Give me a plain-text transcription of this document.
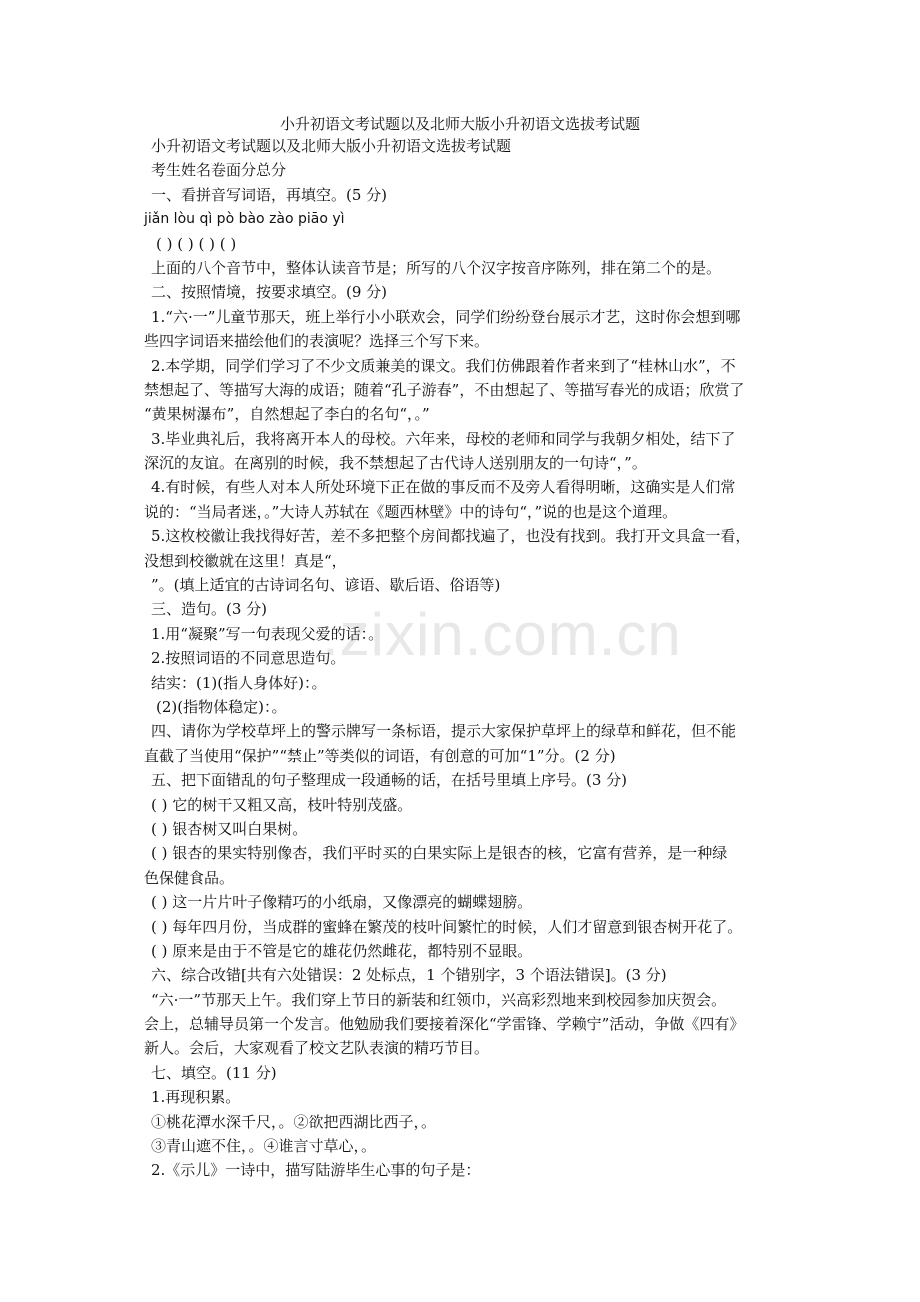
小升初语文考试题以及北师大版小升初语文选拔考试题
小升初语文考试题以及北师大版小升初语文选拔考试题
考生姓名卷面分总分
一、看拼音写词语，再填空。(5 分)
jiǎn lòu qì pò bào zào piāo yì
( ) ( ) ( ) ( )
上面的八个音节中，整体认读音节是；所写的八个汉字按音序陈列，排在第二个的是。
二、按照情境，按要求填空。(9 分)
1.“六·一”儿童节那天，班上举行小小联欢会，同学们纷纷登台展示才艺，这时你会想到哪
些四字词语来描绘他们的表演呢？选择三个写下来。
2.本学期，同学们学习了不少文质兼美的课文。我们仿佛跟着作者来到了“桂林山水”，不
禁想起了、等描写大海的成语；随着“孔子游春”，不由想起了、等描写春光的成语；欣赏了
“黄果树瀑布”，自然想起了李白的名句“，。”
3.毕业典礼后，我将离开本人的母校。六年来，母校的老师和同学与我朝夕相处，结下了
深沉的友谊。在离别的时候，我不禁想起了古代诗人送别朋友的一句诗“，”。
4.有时候，有些人对本人所处环境下正在做的事反而不及旁人看得明晰，这确实是人们常
说的：“当局者迷，。”大诗人苏轼在《题西林壁》中的诗句“，”说的也是这个道理。
5.这枚校徽让我找得好苦，差不多把整个房间都找遍了，也没有找到。我打开文具盒一看，
没想到校徽就在这里！真是“，
”。(填上适宜的古诗词名句、谚语、歇后语、俗语等)
三、造句。(3 分)
1.用“凝聚”写一句表现父爱的话：。
2.按照词语的不同意思造句。
结实：(1)(指人身体好)：。
(2)(指物体稳定)：。
四、请你为学校草坪上的警示牌写一条标语，提示大家保护草坪上的绿草和鲜花，但不能
直截了当使用“保护”“禁止”等类似的词语，有创意的可加“1”分。(2 分)
五、把下面错乱的句子整理成一段通畅的话，在括号里填上序号。(3 分)
( ) 它的树干又粗又高，枝叶特别茂盛。
( ) 银杏树又叫白果树。
( ) 银杏的果实特别像杏，我们平时买的白果实际上是银杏的核，它富有营养，是一种绿
色保健食品。
( ) 这一片片叶子像精巧的小纸扇，又像漂亮的蝴蝶翅膀。
( ) 每年四月份，当成群的蜜蜂在繁茂的枝叶间繁忙的时候，人们才留意到银杏树开花了。
( ) 原来是由于不管是它的雄花仍然雌花，都特别不显眼。
六、综合改错[共有六处错误：2 处标点，1 个错别字，3 个语法错误]。(3 分)
“六·一”节那天上午。我们穿上节日的新装和红领巾，兴高彩烈地来到校园参加庆贺会。
会上，总辅导员第一个发言。他勉励我们要接着深化“学雷锋、学赖宁”活动，争做《四有》
新人。会后，大家观看了校文艺队表演的精巧节目。
七、填空。(11 分)
1.再现积累。
①桃花潭水深千尺，。②欲把西湖比西子，。
③青山遮不住，。④谁言寸草心，。
2.《示儿》一诗中，描写陆游毕生心事的句子是：
.zixin.com.cn
